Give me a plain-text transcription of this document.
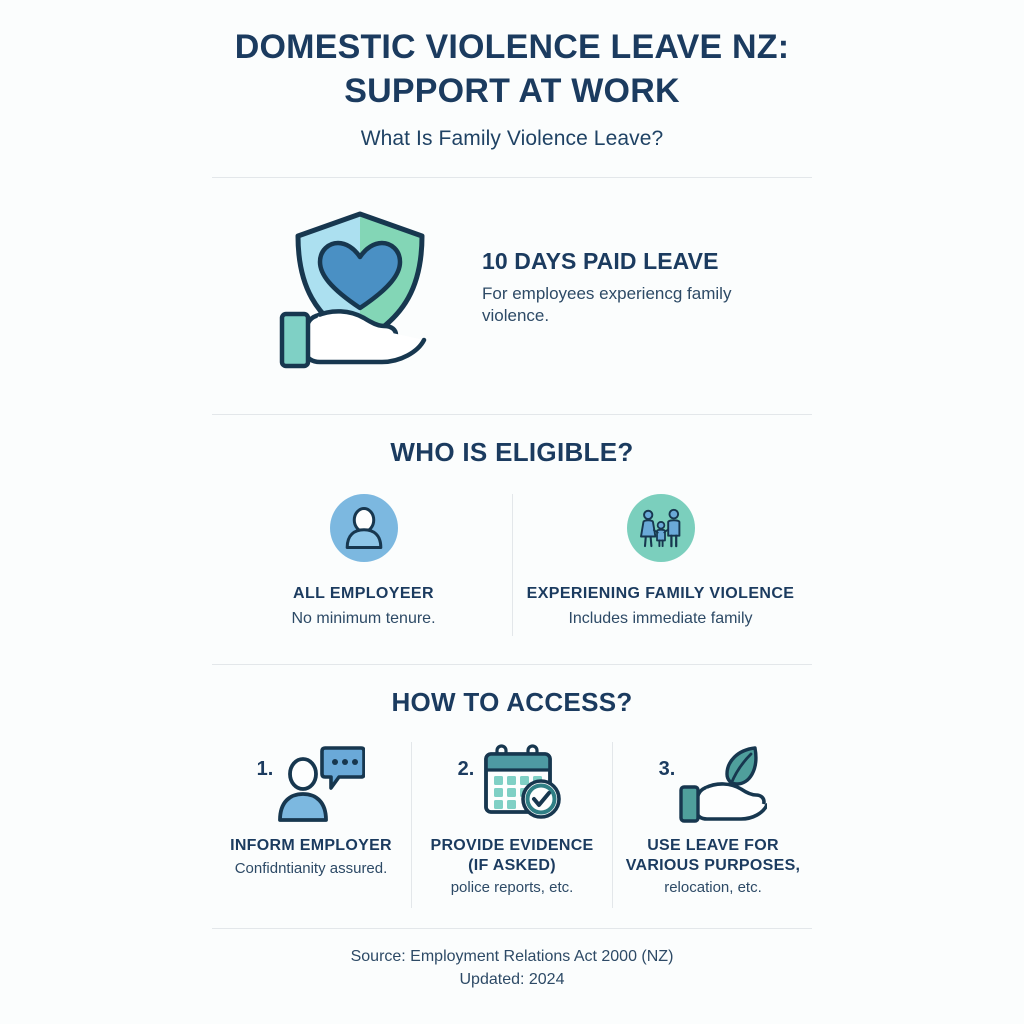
DOMESTIC VIOLENCE LEAVE NZ:
SUPPORT AT WORK
What Is Family Violence Leave?
10 DAYS PAID LEAVE
For employees experiencg family violence.
WHO IS ELIGIBLE?
ALL EMPLOYEER
No minimum tenure.
EXPERIENING FAMILY VIOLENCE
Includes immediate family
HOW TO ACCESS?
1.
INFORM EMPLOYER
Confidntianity assured.
2.
PROVIDE EVIDENCE
(IF ASKED)
police reports, etc.
3.
USE LEAVE FOR
VARIOUS PURPOSES,
relocation, etc.
Source: Employment Relations Act 2000 (NZ)
Updated: 2024
